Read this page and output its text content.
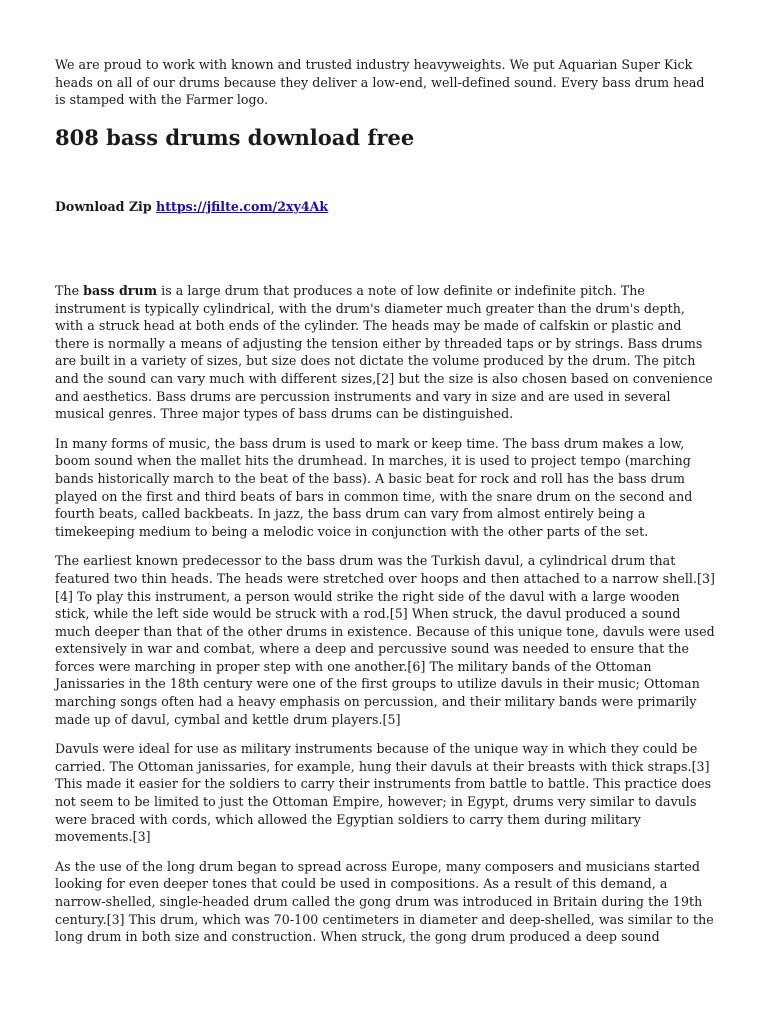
We are proud to work with known and trusted industry heavyweights. We put Aquarian Super Kick heads on all of our drums because they deliver a low-end, well-defined sound. Every bass drum head is stamped with the Farmer logo.

808 bass drums download free
Download Zip https://jfilte.com/2xy4Ak

The bass drum is a large drum that produces a note of low definite or indefinite pitch. The instrument is typically cylindrical, with the drum's diameter much greater than the drum's depth, with a struck head at both ends of the cylinder. The heads may be made of calfskin or plastic and there is normally a means of adjusting the tension either by threaded taps or by strings. Bass drums are built in a variety of sizes, but size does not dictate the volume produced by the drum. The pitch and the sound can vary much with different sizes,[2] but the size is also chosen based on convenience and aesthetics. Bass drums are percussion instruments and vary in size and are used in several musical genres. Three major types of bass drums can be distinguished.

In many forms of music, the bass drum is used to mark or keep time. The bass drum makes a low, boom sound when the mallet hits the drumhead. In marches, it is used to project tempo (marching bands historically march to the beat of the bass). A basic beat for rock and roll has the bass drum played on the first and third beats of bars in common time, with the snare drum on the second and fourth beats, called backbeats. In jazz, the bass drum can vary from almost entirely being a timekeeping medium to being a melodic voice in conjunction with the other parts of the set.

The earliest known predecessor to the bass drum was the Turkish davul, a cylindrical drum that featured two thin heads. The heads were stretched over hoops and then attached to a narrow shell.[3][4] To play this instrument, a person would strike the right side of the davul with a large wooden stick, while the left side would be struck with a rod.[5] When struck, the davul produced a sound much deeper than that of the other drums in existence. Because of this unique tone, davuls were used extensively in war and combat, where a deep and percussive sound was needed to ensure that the forces were marching in proper step with one another.[6] The military bands of the Ottoman Janissaries in the 18th century were one of the first groups to utilize davuls in their music; Ottoman marching songs often had a heavy emphasis on percussion, and their military bands were primarily made up of davul, cymbal and kettle drum players.[5]

Davuls were ideal for use as military instruments because of the unique way in which they could be carried. The Ottoman janissaries, for example, hung their davuls at their breasts with thick straps.[3] This made it easier for the soldiers to carry their instruments from battle to battle. This practice does not seem to be limited to just the Ottoman Empire, however; in Egypt, drums very similar to davuls were braced with cords, which allowed the Egyptian soldiers to carry them during military movements.[3]

As the use of the long drum began to spread across Europe, many composers and musicians started looking for even deeper tones that could be used in compositions. As a result of this demand, a narrow-shelled, single-headed drum called the gong drum was introduced in Britain during the 19th century.[3] This drum, which was 70-100 centimeters in diameter and deep-shelled, was similar to the long drum in both size and construction. When struck, the gong drum produced a deep sound
